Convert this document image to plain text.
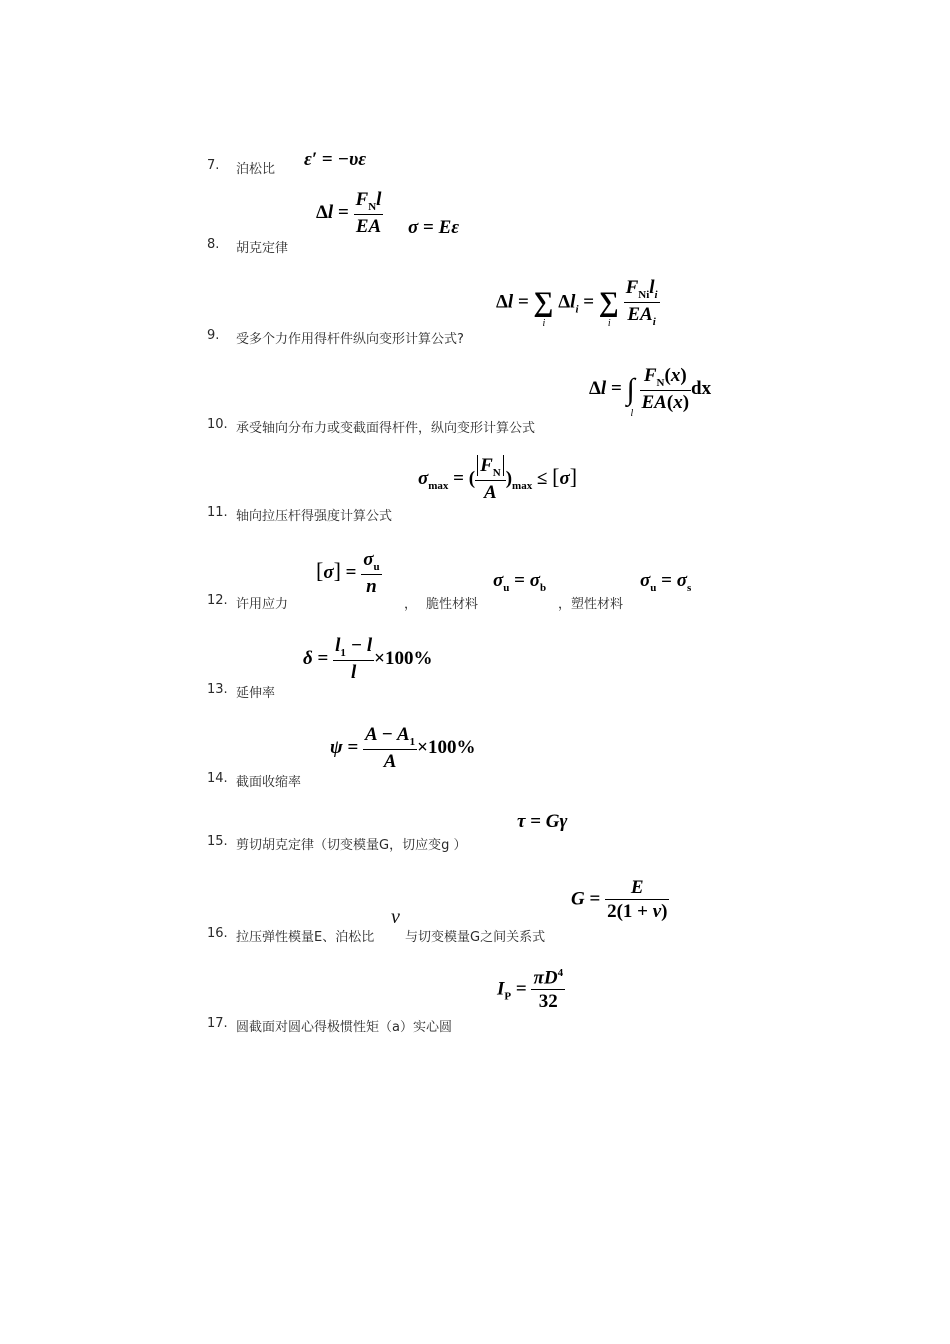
7. 泊松比 ε′ = −υε
$\Delta l = \frac{F_Nl}{EA}$ σ = Eε
8. 胡克定律
Δl = ∑
i
$\Delta l_i$ = ∑
i
$\frac{F_{Ni}l_i}{EA_i}$
9. 受多个力作用得杆件纵向变形计算公式?
Δl = ∫
l
$\frac{F_N(x)}{EA(x)}$ dx
10. 承受轴向分布力或变截面得杆件，纵向变形计算公式
$\sigma_{max}$ = ( $\frac{F_N}{A} )_{max} \le [\sigma]$
11. 轴向拉压杆得强度计算公式
$[\sigma] = \frac{\sigma_u}{n}$	$\sigma_u = \sigma_b$	$\sigma_u = \sigma_s$
12. 许用应力	， 脆性材料	，塑性材料
$\delta = \frac{l_1 - l}{l} \times 100\%$
13. 延伸率
$\psi = \frac{A - A_1}{A} \times 100\%$
14. 截面收缩率
τ = Gγ
15. 剪切胡克定律（切变模量G，切应变g ）
$G = \frac{E}{2(1 + \nu)}$
16. 拉压弹性模量E、泊松比
ν
与切变模量G之间关系式
$I_P = \frac{\pi D^4}{32}$
17. 圆截面对圆心得极惯性矩（a）实心圆
